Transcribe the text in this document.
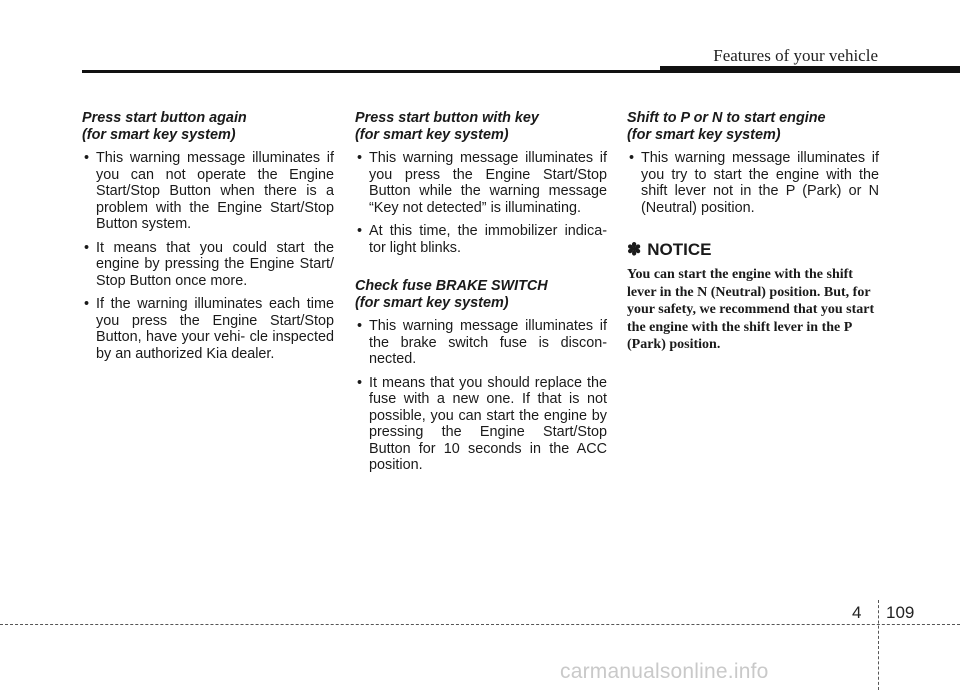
Features of your vehicle
Press start button again
(for smart key system)
• This warning message illuminates if you can not operate the Engine Start/Stop Button when there is a problem with the Engine Start/Stop Button system.
• It means that you could start the engine by pressing the Engine Start/ Stop Button once more.
• If the warning illuminates each time you press the Engine Start/Stop Button, have your vehi- cle inspected by an authorized Kia dealer.
Press start button with key
(for smart key system)
• This warning message illuminates if you press the Engine Start/Stop Button while the warning message “Key not detected” is illuminating.
• At this time, the immobilizer indica- tor light blinks.
Check fuse BRAKE SWITCH
(for smart key system)
• This warning message illuminates if the brake switch fuse is discon- nected.
• It means that you should replace the fuse with a new one. If that is not possible, you can start the engine by pressing the Engine Start/Stop Button for 10 seconds in the ACC position.
Shift to P or N to start engine
(for smart key system)
• This warning message illuminates if you try to start the engine with the shift lever not in the P (Park) or N (Neutral) position.
✽ NOTICE
You can start the engine with the shift lever in the N (Neutral) position. But, for your safety, we recommend that you start the engine with the shift lever in the P (Park) position.
4 109
carmanualsonline.info
